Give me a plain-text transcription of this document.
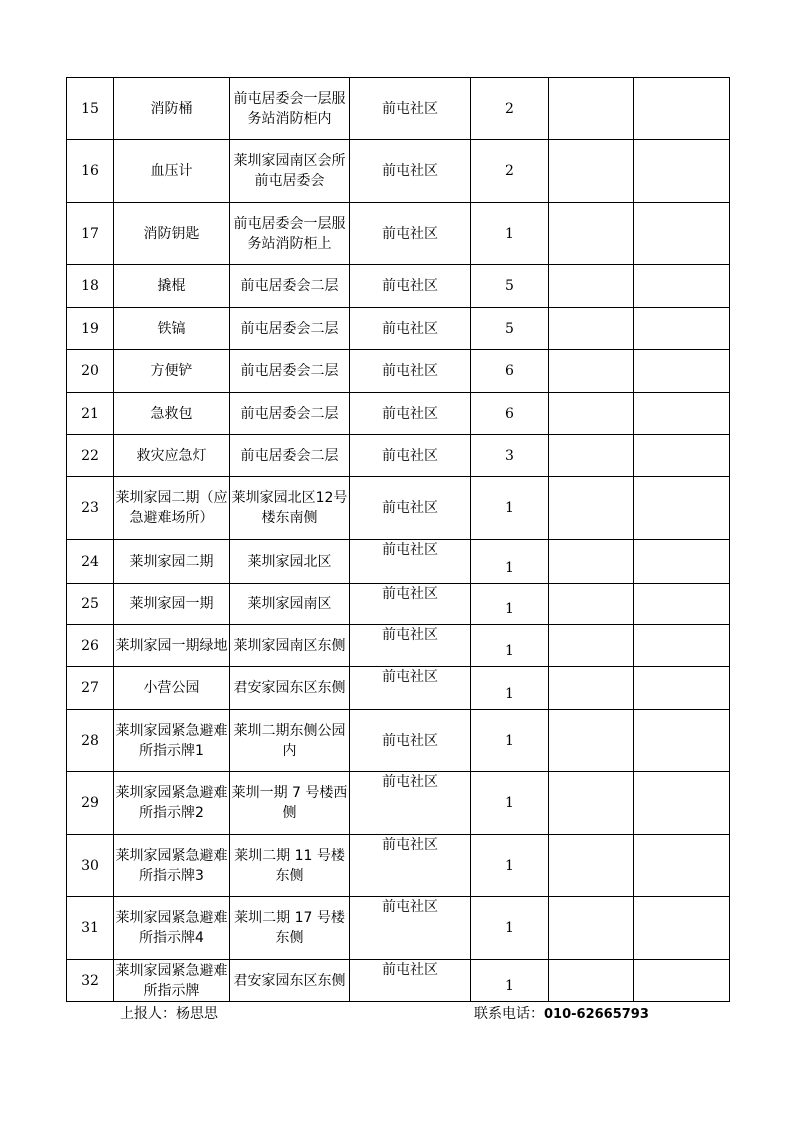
15	消防桶	前屯居委会一层服务站消防柜内	前屯社区	2		
16	血压计	莱圳家园南区会所前屯居委会	前屯社区	2		
17	消防钥匙	前屯居委会一层服务站消防柜上	前屯社区	1		
18	撬棍	前屯居委会二层	前屯社区	5		
19	铁镐	前屯居委会二层	前屯社区	5		
20	方便铲	前屯居委会二层	前屯社区	6		
21	急救包	前屯居委会二层	前屯社区	6		
22	救灾应急灯	前屯居委会二层	前屯社区	3		
23	莱圳家园二期（应急避难场所）	莱圳家园北区12号楼东南侧	前屯社区	1		
24	莱圳家园二期	莱圳家园北区	前屯社区	1		
25	莱圳家园一期	莱圳家园南区	前屯社区	1		
26	莱圳家园一期绿地	莱圳家园南区东侧	前屯社区	1		
27	小营公园	君安家园东区东侧	前屯社区	1		
28	莱圳家园紧急避难所指示牌1	莱圳二期东侧公园内	前屯社区	1		
29	莱圳家园紧急避难所指示牌2	莱圳一期 7 号楼西侧	前屯社区	1		
30	莱圳家园紧急避难所指示牌3	莱圳二期 11 号楼东侧	前屯社区	1		
31	莱圳家园紧急避难所指示牌4	莱圳二期 17 号楼东侧	前屯社区	1		
32	莱圳家园紧急避难所指示牌	君安家园东区东侧	前屯社区	1		
上报人：杨思思	联系电话：010-62665793
